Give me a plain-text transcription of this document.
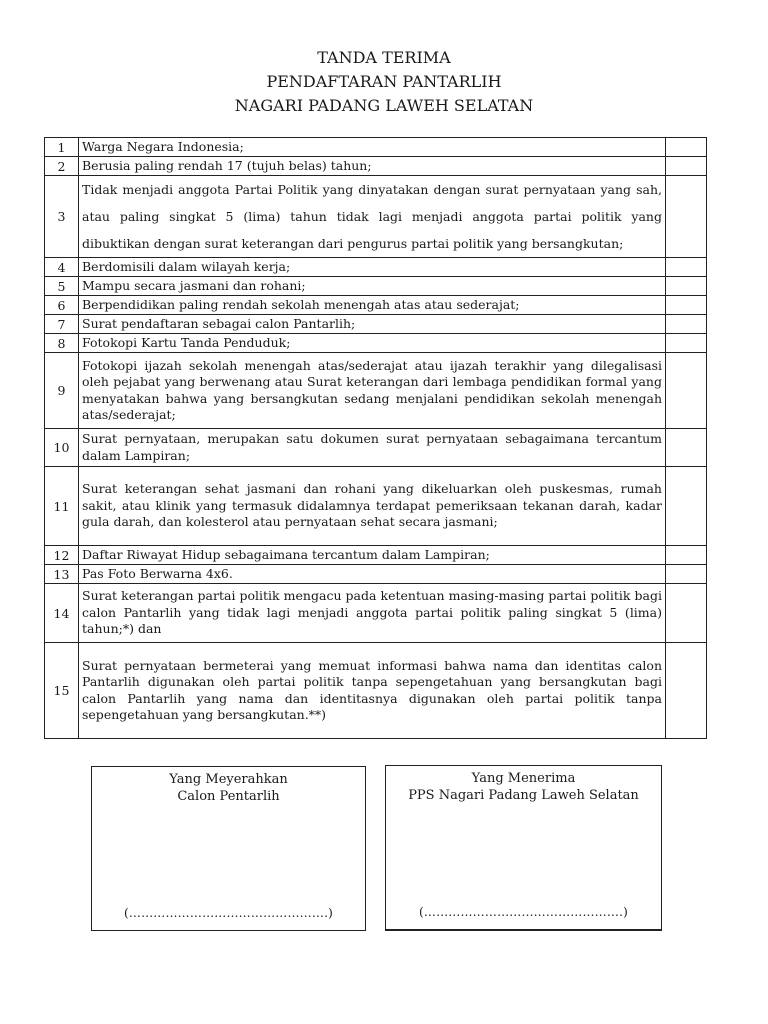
TANDA TERIMA
PENDAFTARAN PANTARLIH
NAGARI PADANG LAWEH SELATAN
1	Warga Negara Indonesia;	
2	Berusia paling rendah 17 (tujuh belas) tahun;	
3	Tidak menjadi anggota Partai Politik yang dinyatakan dengan surat pernyataan yang sah, atau paling singkat 5 (lima) tahun tidak lagi menjadi anggota partai politik yang dibuktikan dengan surat keterangan dari pengurus partai politik yang bersangkutan;	
4	Berdomisili dalam wilayah kerja;	
5	Mampu secara jasmani dan rohani;	
6	Berpendidikan paling rendah sekolah menengah atas atau sederajat;	
7	Surat pendaftaran sebagai calon Pantarlih;	
8	Fotokopi Kartu Tanda Penduduk;	
9	Fotokopi ijazah sekolah menengah atas/sederajat atau ijazah terakhir yang dilegalisasi oleh pejabat yang berwenang atau Surat keterangan dari lembaga pendidikan formal yang menyatakan bahwa yang bersangkutan sedang menjalani pendidikan sekolah menengah atas/sederajat;	
10	Surat pernyataan, merupakan satu dokumen surat pernyataan sebagaimana tercantum dalam Lampiran;	
11	Surat keterangan sehat jasmani dan rohani yang dikeluarkan oleh puskesmas, rumah sakit, atau klinik yang termasuk didalamnya terdapat pemeriksaan tekanan darah, kadar gula darah, dan kolesterol atau pernyataan sehat secara jasmani;	
12	Daftar Riwayat Hidup sebagaimana tercantum dalam Lampiran;	
13	Pas Foto Berwarna 4x6.	
14	Surat keterangan partai politik mengacu pada ketentuan masing-masing partai politik bagi calon Pantarlih yang tidak lagi menjadi anggota partai politik paling singkat 5 (lima) tahun;*) dan	
15	Surat pernyataan bermeterai yang memuat informasi bahwa nama dan identitas calon Pantarlih digunakan oleh partai politik tanpa sepengetahuan yang bersangkutan bagi calon Pantarlih yang nama dan identitasnya digunakan oleh partai politik tanpa sepengetahuan yang bersangkutan.**)	
Yang Meyerahkan
Calon Pentarlih
(………………………………………….)
Yang Menerima
PPS Nagari Padang Laweh Selatan
(………………………………………….)
